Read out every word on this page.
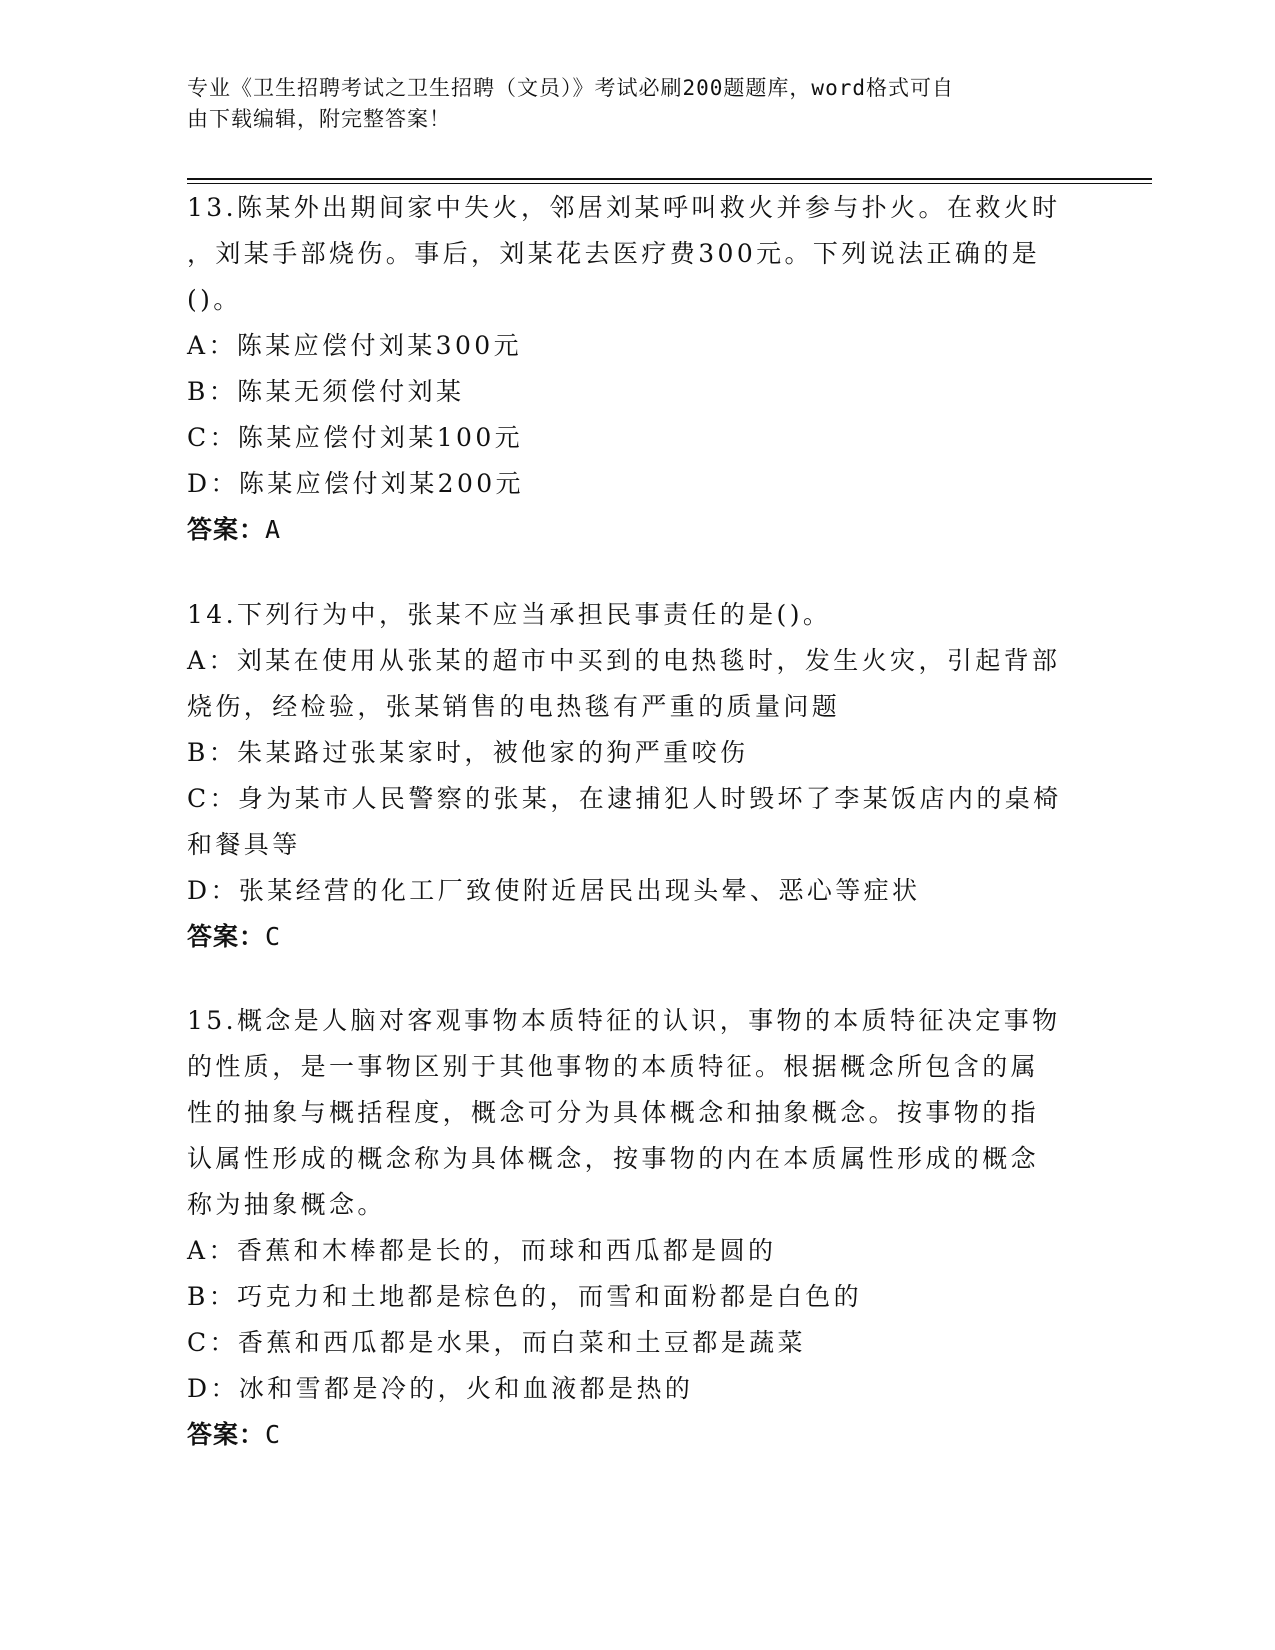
专业《卫生招聘考试之卫生招聘（文员）》考试必刷200题题库，word格式可自
由下载编辑，附完整答案！
13.陈某外出期间家中失火，邻居刘某呼叫救火并参与扑火。在救火时
，刘某手部烧伤。事后，刘某花去医疗费300元。下列说法正确的是
()。
A：陈某应偿付刘某300元
B：陈某无须偿付刘某
C：陈某应偿付刘某100元
D：陈某应偿付刘某200元
答案：A
14.下列行为中，张某不应当承担民事责任的是()。
A：刘某在使用从张某的超市中买到的电热毯时，发生火灾，引起背部
烧伤，经检验，张某销售的电热毯有严重的质量问题
B：朱某路过张某家时，被他家的狗严重咬伤
C：身为某市人民警察的张某，在逮捕犯人时毁坏了李某饭店内的桌椅
和餐具等
D：张某经营的化工厂致使附近居民出现头晕、恶心等症状
答案：C
15.概念是人脑对客观事物本质特征的认识，事物的本质特征决定事物
的性质，是一事物区别于其他事物的本质特征。根据概念所包含的属
性的抽象与概括程度，概念可分为具体概念和抽象概念。按事物的指
认属性形成的概念称为具体概念，按事物的内在本质属性形成的概念
称为抽象概念。
A：香蕉和木棒都是长的，而球和西瓜都是圆的
B：巧克力和土地都是棕色的，而雪和面粉都是白色的
C：香蕉和西瓜都是水果，而白菜和土豆都是蔬菜
D：冰和雪都是冷的，火和血液都是热的
答案：C
